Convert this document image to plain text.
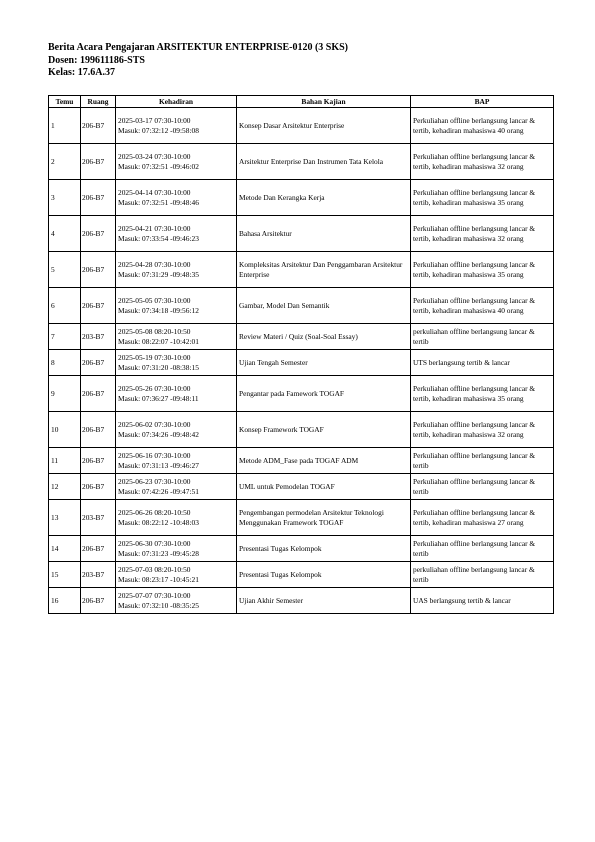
Berita Acara Pengajaran ARSITEKTUR ENTERPRISE-0120 (3 SKS)
Dosen: 199611186-STS
Kelas: 17.6A.37
Temu	Ruang	Kehadiran	Bahan Kajian	BAP
1	206-B7	2025-03-17 07:30-10:00
Masuk: 07:32:12 -09:58:08	Konsep Dasar Arsitektur Enterprise	Perkuliahan offline berlangsung lancar & tertib, kehadiran mahasiswa 40 orang
2	206-B7	2025-03-24 07:30-10:00
Masuk: 07:32:51 -09:46:02	Arsitektur Enterprise Dan Instrumen Tata Kelola	Perkuliahan offline berlangsung lancar & tertib, kehadiran mahasiswa 32 orang
3	206-B7	2025-04-14 07:30-10:00
Masuk: 07:32:51 -09:48:46	Metode Dan Kerangka Kerja	Perkuliahan offline berlangsung lancar & tertib, kehadiran mahasiswa 35 orang
4	206-B7	2025-04-21 07:30-10:00
Masuk: 07:33:54 -09:46:23	Bahasa Arsitektur	Perkuliahan offline berlangsung lancar & tertib, kehadiran mahasiswa 32 orang
5	206-B7	2025-04-28 07:30-10:00
Masuk: 07:31:29 -09:48:35	Kompleksitas Arsitektur Dan Penggambaran Arsitektur Enterprise	Perkuliahan offline berlangsung lancar & tertib, kehadiran mahasiswa 35 orang
6	206-B7	2025-05-05 07:30-10:00
Masuk: 07:34:18 -09:56:12	Gambar, Model Dan Semantik	Perkuliahan offline berlangsung lancar & tertib, kehadiran mahasiswa 40 orang
7	203-B7	2025-05-08 08:20-10:50
Masuk: 08:22:07 -10:42:01	Review Materi / Quiz (Soal-Soal Essay)	perkuliahan offline berlangsung lancar & tertib
8	206-B7	2025-05-19 07:30-10:00
Masuk: 07:31:20 -08:38:15	Ujian Tengah Semester	UTS berlangsung tertib & lancar
9	206-B7	2025-05-26 07:30-10:00
Masuk: 07:36:27 -09:48:11	Pengantar pada Famework TOGAF	Perkuliahan offline berlangsung lancar & tertib, kehadiran mahasiswa 35 orang
10	206-B7	2025-06-02 07:30-10:00
Masuk: 07:34:26 -09:48:42	Konsep Framework TOGAF	Perkuliahan offline berlangsung lancar & tertib, kehadiran mahasiswa 32 orang
11	206-B7	2025-06-16 07:30-10:00
Masuk: 07:31:13 -09:46:27	Metode ADM_Fase pada TOGAF ADM	Perkuliahan offline berlangsung lancar & tertib
12	206-B7	2025-06-23 07:30-10:00
Masuk: 07:42:26 -09:47:51	UML untuk Pemodelan TOGAF	Perkuliahan offline berlangsung lancar & tertib
13	203-B7	2025-06-26 08:20-10:50
Masuk: 08:22:12 -10:48:03	Pengembangan permodelan Arsitektur Teknologi Menggunakan Framework TOGAF	Perkuliahan offline berlangsung lancar & tertib, kehadiran mahasiswa 27 orang
14	206-B7	2025-06-30 07:30-10:00
Masuk: 07:31:23 -09:45:28	Presentasi Tugas Kelompok	Perkuliahan offline berlangsung lancar & tertib
15	203-B7	2025-07-03 08:20-10:50
Masuk: 08:23:17 -10:45:21	Presentasi Tugas Kelompok	perkuliahan offline berlangsung lancar & tertib
16	206-B7	2025-07-07 07:30-10:00
Masuk: 07:32:10 -08:35:25	Ujian Akhir Semester	UAS berlangsung tertib & lancar
